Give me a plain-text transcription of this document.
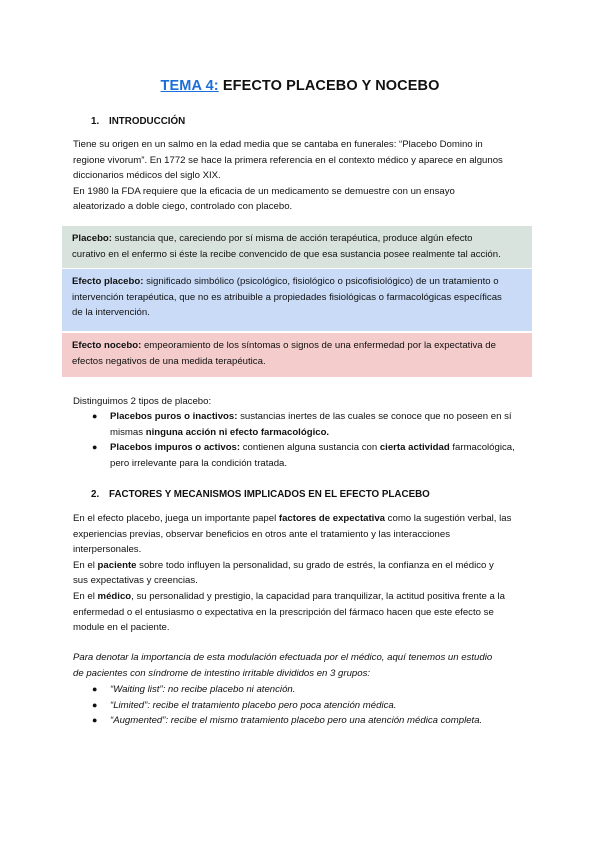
TEMA 4: EFECTO PLACEBO Y NOCEBO
1. INTRODUCCIÓN

Tiene su origen en un salmo en la edad media que se cantaba en funerales: “Placebo Domino in

regione vivorum”. En 1772 se hace la primera referencia en el contexto médico y aparece en algunos

diccionarios médicos del siglo XIX.

En 1980 la FDA requiere que la eficacia de un medicamento se demuestre con un ensayo

aleatorizado a doble ciego, controlado con placebo.

Placebo: sustancia que, careciendo por sí misma de acción terapéutica, produce algún efecto

curativo en el enfermo si éste la recibe convencido de que esa sustancia posee realmente tal acción.

Efecto placebo: significado simbólico (psicológico, fisiológico o psicofisiológico) de un tratamiento o

intervención terapéutica, que no es atribuible a propiedades fisiológicas o farmacológicas específicas

de la intervención.

Efecto nocebo: empeoramiento de los síntomas o signos de una enfermedad por la expectativa de

efectos negativos de una medida terapéutica.

Distinguimos 2 tipos de placebo:

● Placebos puros o inactivos: sustancias inertes de las cuales se conoce que no poseen en sí
mismas ninguna acción ni efecto farmacológico.
● Placebos impuros o activos: contienen alguna sustancia con cierta actividad farmacológica,
pero irrelevante para la condición tratada.
2. FACTORES Y MECANISMOS IMPLICADOS EN EL EFECTO PLACEBO

En el efecto placebo, juega un importante papel factores de expectativa como la sugestión verbal, las

experiencias previas, observar beneficios en otros ante el tratamiento y las interacciones

interpersonales.

En el paciente sobre todo influyen la personalidad, su grado de estrés, la confianza en el médico y

sus expectativas y creencias.

En el médico, su personalidad y prestigio, la capacidad para tranquilizar, la actitud positiva frente a la

enfermedad o el entusiasmo o expectativa en la prescripción del fármaco hacen que este efecto se

module en el paciente.

Para denotar la importancia de esta modulación efectuada por el médico, aquí tenemos un estudio

de pacientes con síndrome de intestino irritable divididos en 3 grupos:

● “Waiting list”: no recibe placebo ni atención.
● “Limited”: recibe el tratamiento placebo pero poca atención médica.
● “Augmented”: recibe el mismo tratamiento placebo pero una atención médica completa.
